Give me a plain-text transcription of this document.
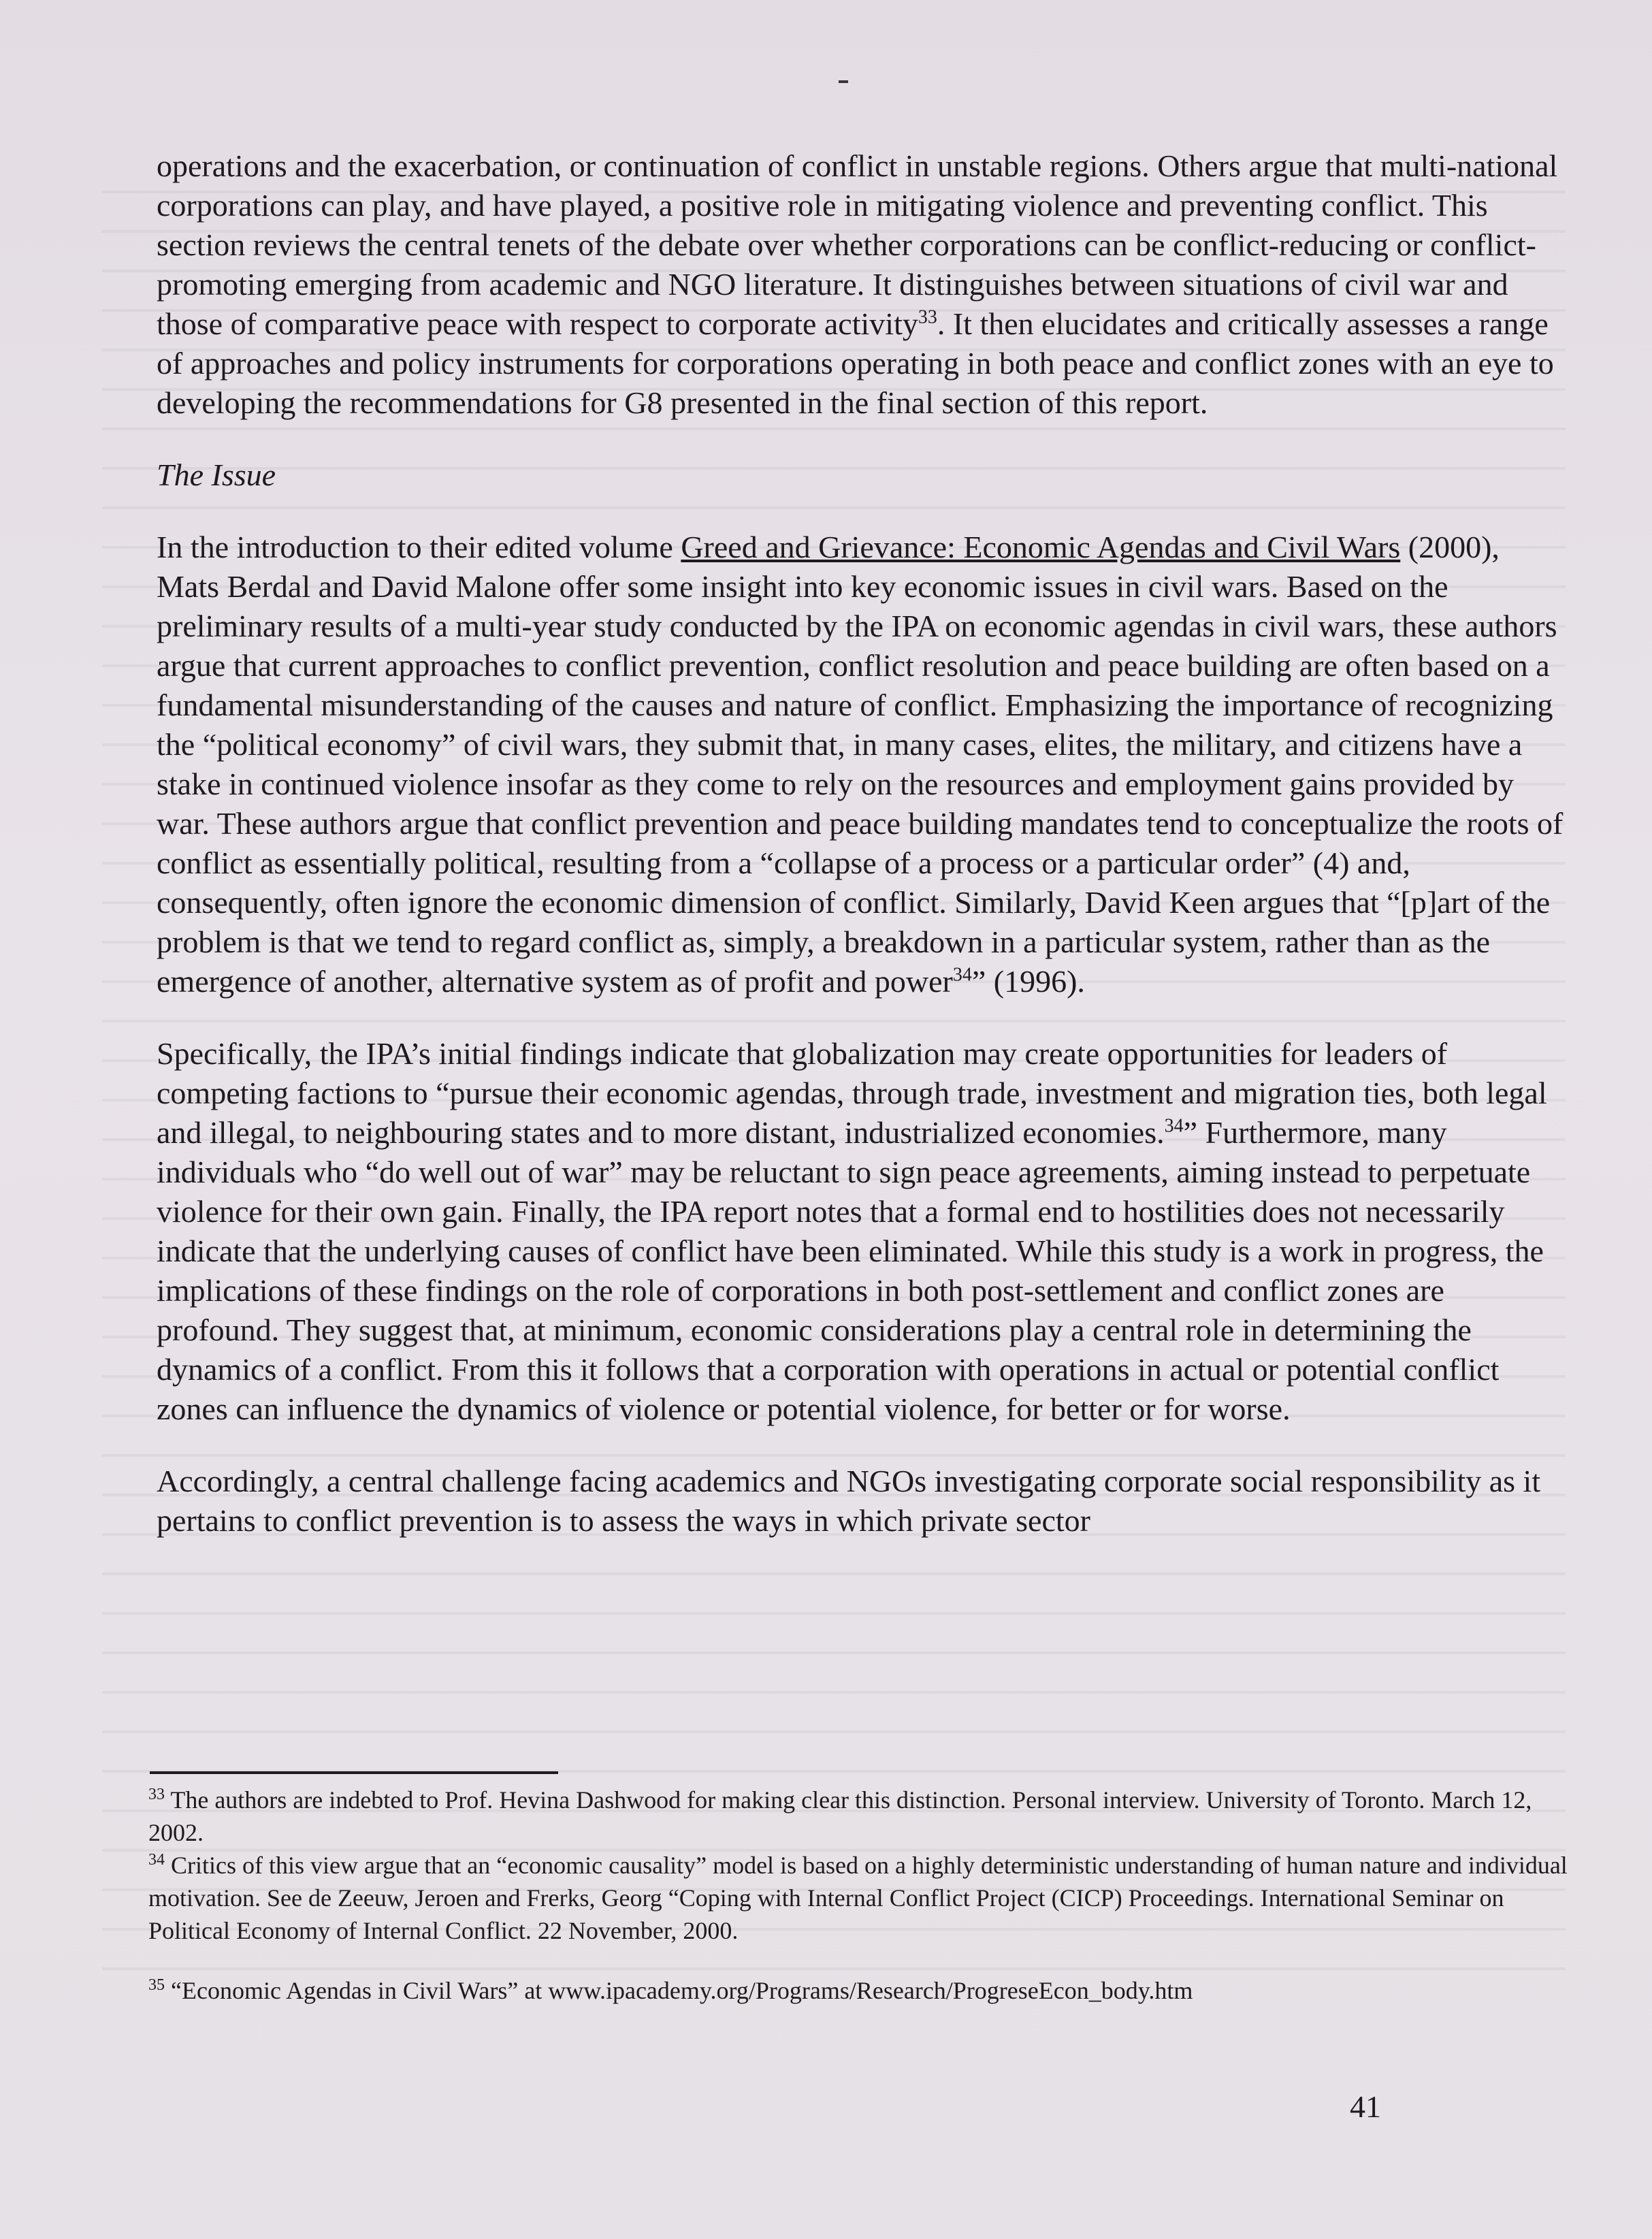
operations and the exacerbation, or continuation of conflict in unstable regions. Others argue that multi-national corporations can play, and have played, a positive role in mitigating violence and preventing conflict. This section reviews the central tenets of the debate over whether corporations can be conflict-reducing or conflict-promoting emerging from academic and NGO literature. It distinguishes between situations of civil war and those of comparative peace with respect to corporate activity$^{33}$. It then elucidates and critically assesses a range of approaches and policy instruments for corporations operating in both peace and conflict zones with an eye to developing the recommendations for G8 presented in the final section of this report.

The Issue

In the introduction to their edited volume Greed and Grievance: Economic Agendas and Civil Wars (2000), Mats Berdal and David Malone offer some insight into key economic issues in civil wars. Based on the preliminary results of a multi-year study conducted by the IPA on economic agendas in civil wars, these authors argue that current approaches to conflict prevention, conflict resolution and peace building are often based on a fundamental misunderstanding of the causes and nature of conflict. Emphasizing the importance of recognizing the “political economy” of civil wars, they submit that, in many cases, elites, the military, and citizens have a stake in continued violence insofar as they come to rely on the resources and employment gains provided by war. These authors argue that conflict prevention and peace building mandates tend to conceptualize the roots of conflict as essentially political, resulting from a “collapse of a process or a particular order” (4) and, consequently, often ignore the economic dimension of conflict. Similarly, David Keen argues that “[p]art of the problem is that we tend to regard conflict as, simply, a breakdown in a particular system, rather than as the emergence of another, alternative system as of profit and power$^{34}$” (1996).

Specifically, the IPA’s initial findings indicate that globalization may create opportunities for leaders of competing factions to “pursue their economic agendas, through trade, investment and migration ties, both legal and illegal, to neighbouring states and to more distant, industrialized economies.$^{34}$” Furthermore, many individuals who “do well out of war” may be reluctant to sign peace agreements, aiming instead to perpetuate violence for their own gain. Finally, the IPA report notes that a formal end to hostilities does not necessarily indicate that the underlying causes of conflict have been eliminated. While this study is a work in progress, the implications of these findings on the role of corporations in both post-settlement and conflict zones are profound. They suggest that, at minimum, economic considerations play a central role in determining the dynamics of a conflict. From this it follows that a corporation with operations in actual or potential conflict zones can influence the dynamics of violence or potential violence, for better or for worse.

Accordingly, a central challenge facing academics and NGOs investigating corporate social responsibility as it pertains to conflict prevention is to assess the ways in which private sector

$^{33}$ The authors are indebted to Prof. Hevina Dashwood for making clear this distinction. Personal interview. University of Toronto. March 12, 2002.

$^{34}$ Critics of this view argue that an “economic causality” model is based on a highly deterministic understanding of human nature and individual motivation. See de Zeeuw, Jeroen and Frerks, Georg “Coping with Internal Conflict Project (CICP) Proceedings. International Seminar on Political Economy of Internal Conflict. 22 November, 2000.

$^{35}$ “Economic Agendas in Civil Wars” at www.ipacademy.org/Programs/Research/ProgreseEcon_body.htm

41
